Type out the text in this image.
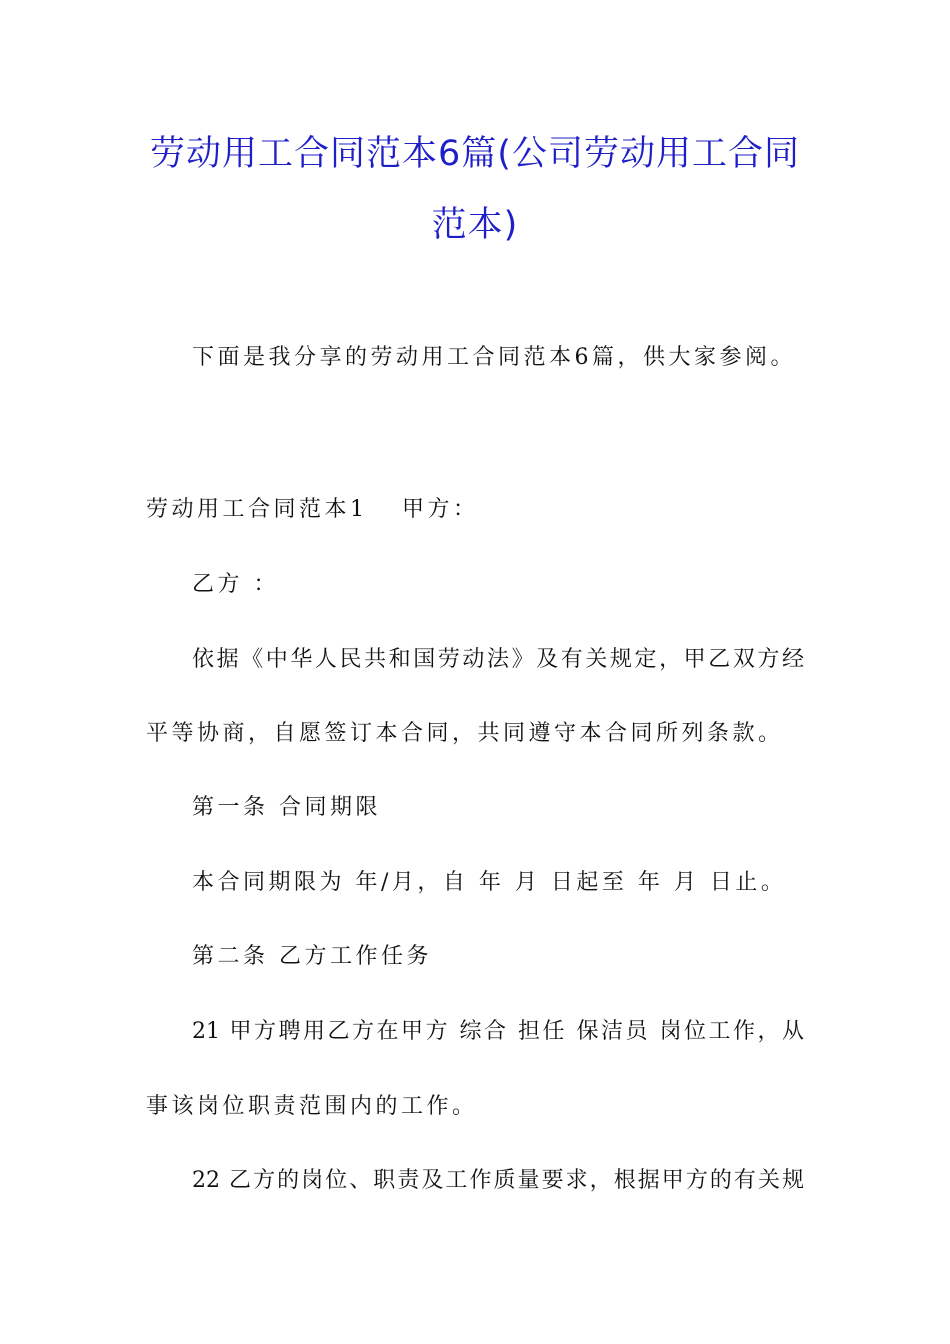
劳动用工合同范本6篇(公司劳动用工合同
范本)
下面是我分享的劳动用工合同范本6篇，供大家参阅。
劳动用工合同范本1 甲方：
乙方 ：
依据《中华人民共和国劳动法》及有关规定，甲乙双方经
平等协商，自愿签订本合同，共同遵守本合同所列条款。
第一条 合同期限
本合同期限为 年/月，自 年 月 日起至 年 月 日止。
第二条 乙方工作任务
21 甲方聘用乙方在甲方 综合 担任 保洁员 岗位工作，从
事该岗位职责范围内的工作。
22 乙方的岗位、职责及工作质量要求，根据甲方的有关规
